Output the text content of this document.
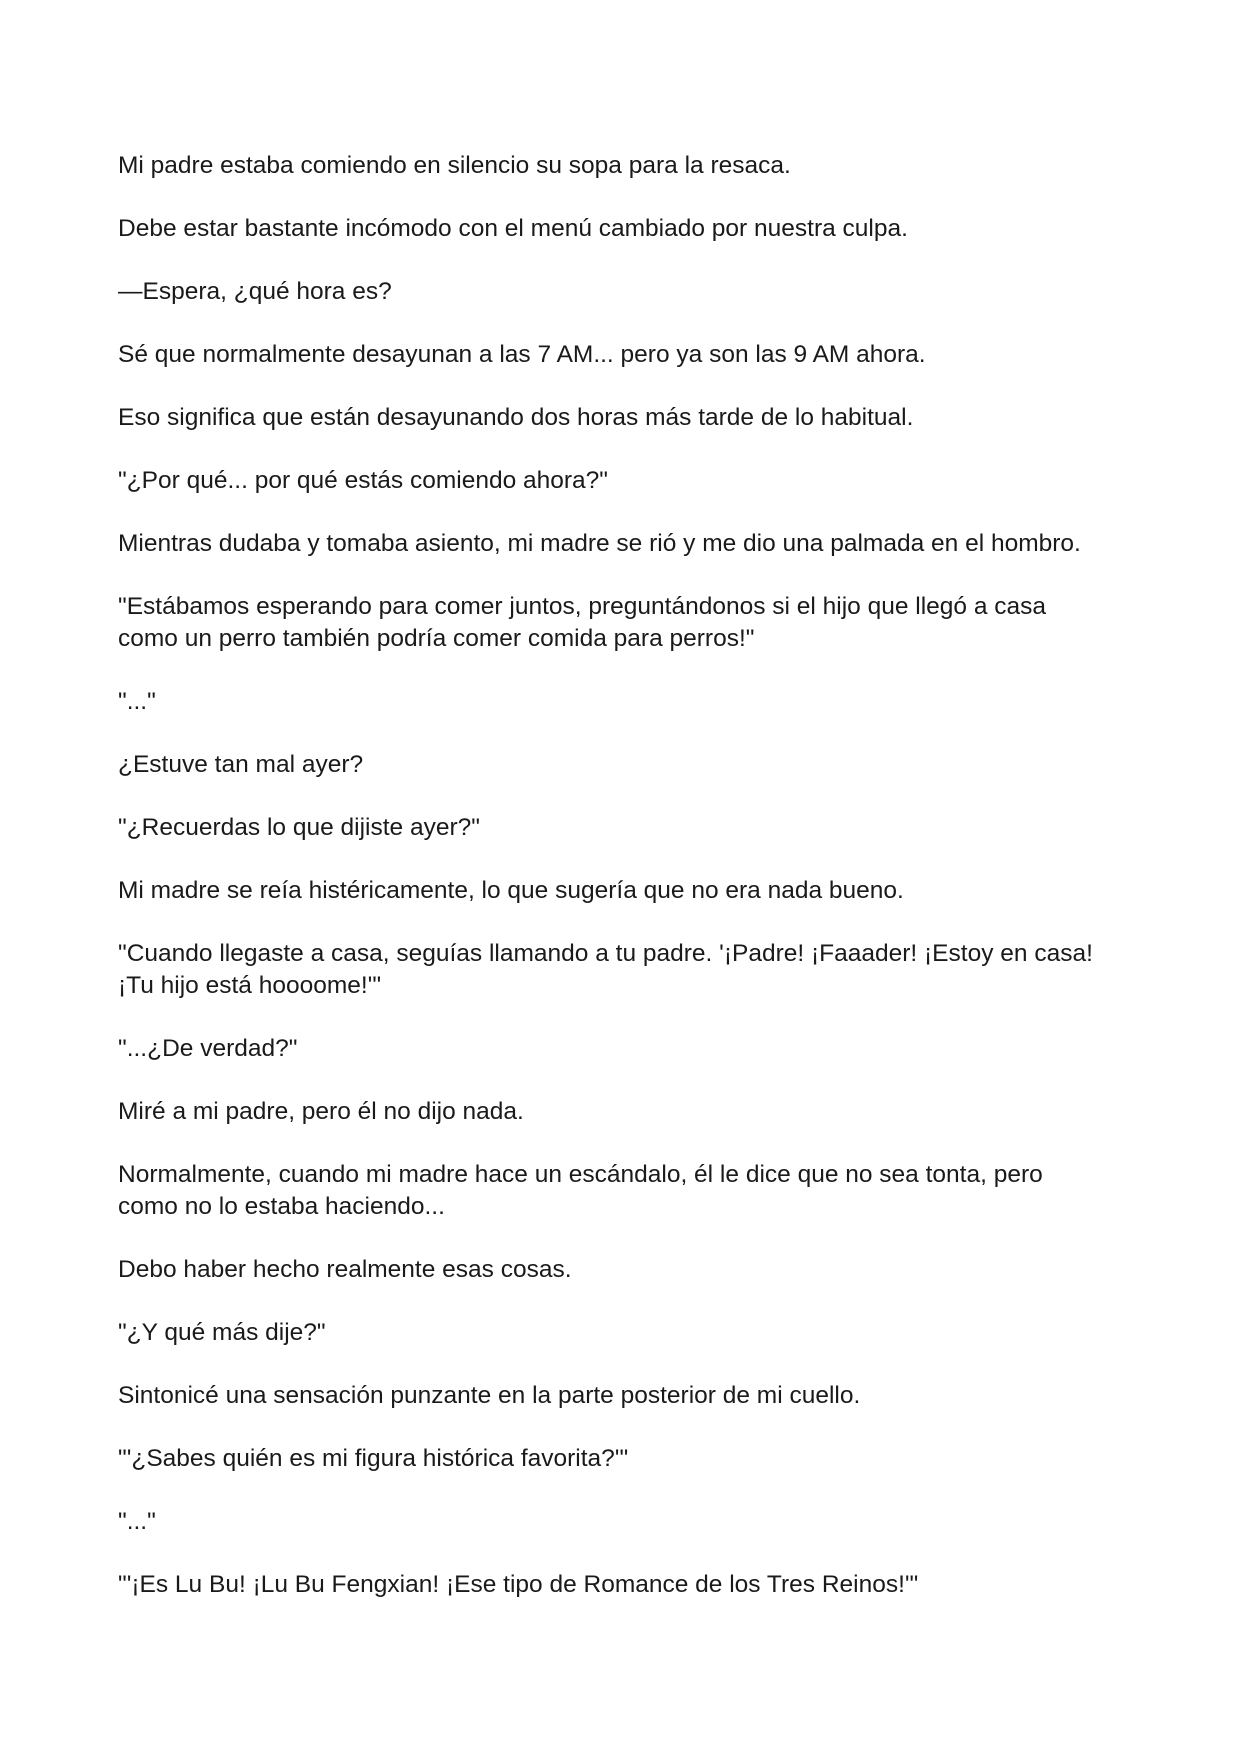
Mi padre estaba comiendo en silencio su sopa para la resaca.

Debe estar bastante incómodo con el menú cambiado por nuestra culpa.

—Espera, ¿qué hora es?

Sé que normalmente desayunan a las 7 AM... pero ya son las 9 AM ahora.

Eso significa que están desayunando dos horas más tarde de lo habitual.

"¿Por qué... por qué estás comiendo ahora?"

Mientras dudaba y tomaba asiento, mi madre se rió y me dio una palmada en el hombro.

"Estábamos esperando para comer juntos, preguntándonos si el hijo que llegó a casa como un perro también podría comer comida para perros!"

"..."

¿Estuve tan mal ayer?

"¿Recuerdas lo que dijiste ayer?"

Mi madre se reía histéricamente, lo que sugería que no era nada bueno.

"Cuando llegaste a casa, seguías llamando a tu padre. '¡Padre! ¡Faaader! ¡Estoy en casa! ¡Tu hijo está hoooome!'"

"...¿De verdad?"

Miré a mi padre, pero él no dijo nada.

Normalmente, cuando mi madre hace un escándalo, él le dice que no sea tonta, pero como no lo estaba haciendo...

Debo haber hecho realmente esas cosas.

"¿Y qué más dije?"

Sintonicé una sensación punzante en la parte posterior de mi cuello.

"'¿Sabes quién es mi figura histórica favorita?'"

"..."

"'¡Es Lu Bu! ¡Lu Bu Fengxian! ¡Ese tipo de Romance de los Tres Reinos!'"
